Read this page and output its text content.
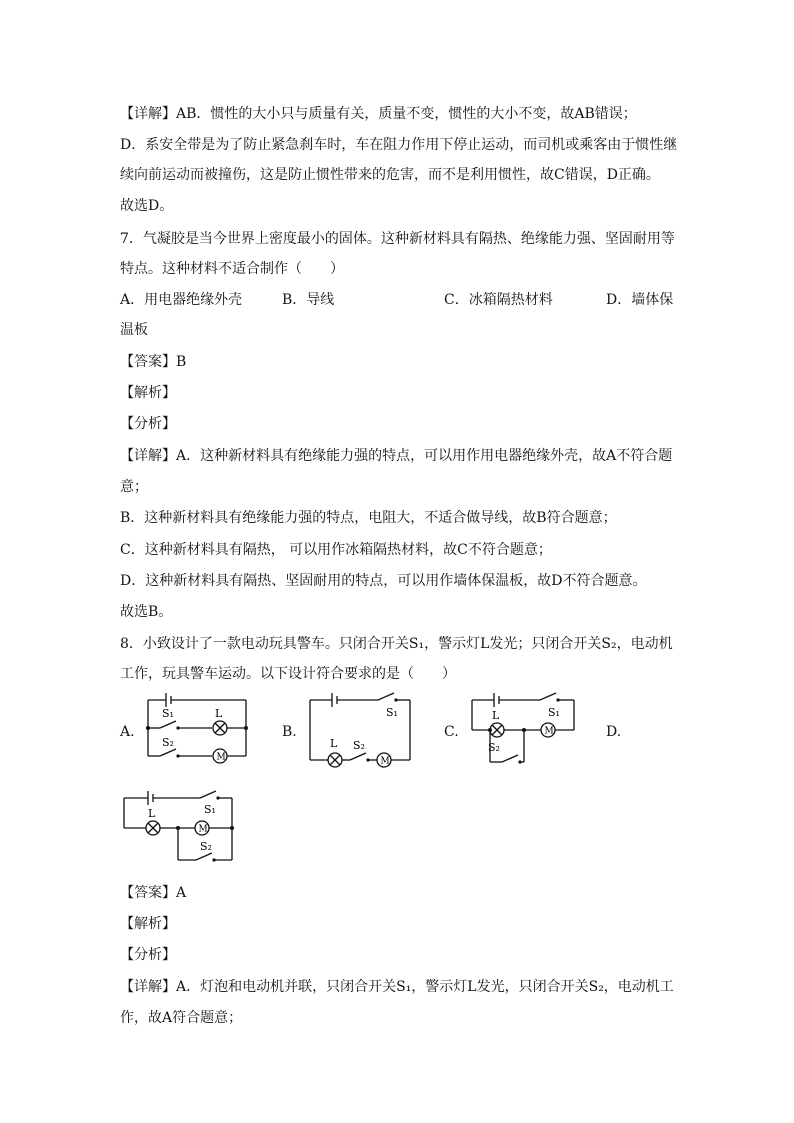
【详解】AB．惯性的大小只与质量有关，质量不变，惯性的大小不变，故AB错误；
D．系安全带是为了防止紧急刹车时，车在阻力作用下停止运动，而司机或乘客由于惯性继
续向前运动而被撞伤，这是防止惯性带来的危害，而不是利用惯性，故C错误，D正确。
故选D。
7．气凝胶是当今世界上密度最小的固体。这种新材料具有隔热、绝缘能力强、坚固耐用等
特点。这种材料不适合制作（　　）
A．用电器绝缘外壳	B．导线	C．冰箱隔热材料	D．墙体保
温板
【答案】B
【解析】
【分析】
【详解】A．这种新材料具有绝缘能力强的特点，可以用作用电器绝缘外壳，故A不符合题
意；
B．这种新材料具有绝缘能力强的特点，电阻大，不适合做导线，故B符合题意；
C．这种新材料具有隔热， 可以用作冰箱隔热材料，故C不符合题意；
D．这种新材料具有隔热、坚固耐用的特点，可以用作墙体保温板，故D不符合题意。
故选B。
8．小致设计了一款电动玩具警车。只闭合开关S₁，警示灯L发光；只闭合开关S₂，电动机
工作，玩具警车运动。以下设计符合要求的是（　　）
A.	B.	C.	D.
S₁	L
S₂
M
S₁
L S₂
M
S₁
L
S₂
M
S₁
L
S₂
M
【答案】A
【解析】
【分析】
【详解】A．灯泡和电动机并联，只闭合开关S₁，警示灯L发光，只闭合开关S₂，电动机工
作，故A符合题意；
